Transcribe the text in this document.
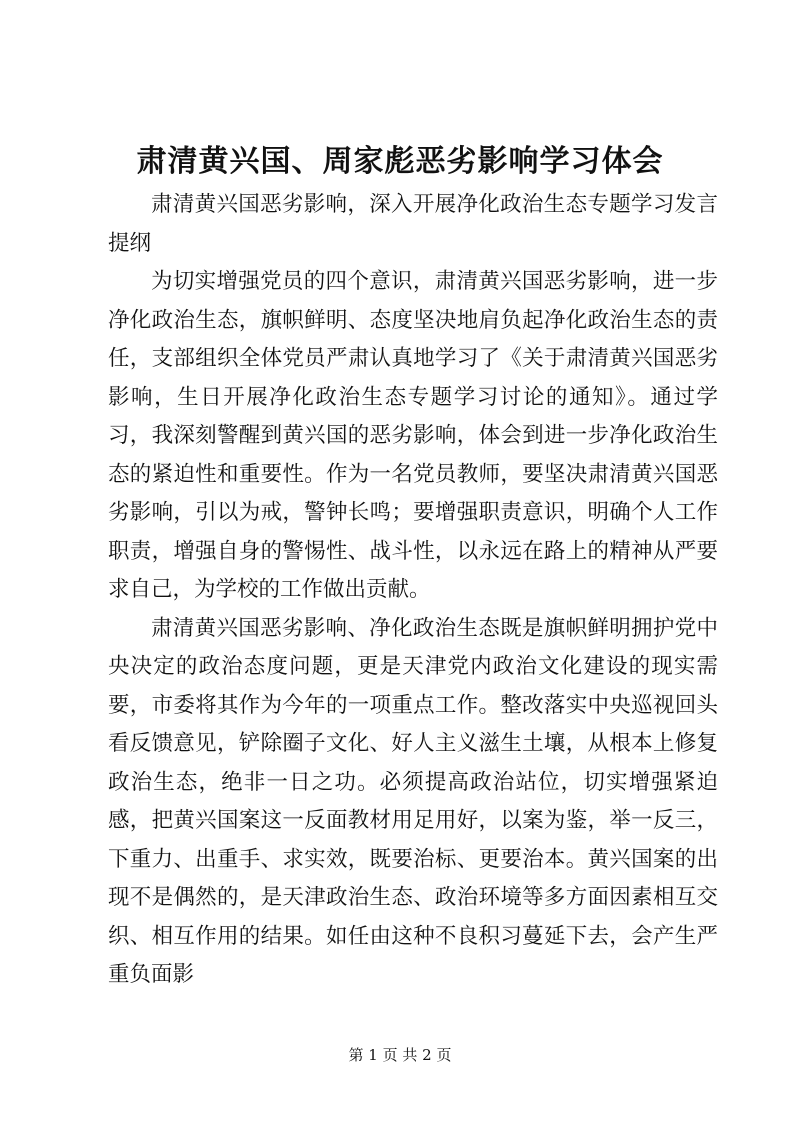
肃清黄兴国、周家彪恶劣影响学习体会

肃清黄兴国恶劣影响，深入开展净化政治生态专题学习发言提纲

为切实增强党员的四个意识，肃清黄兴国恶劣影响，进一步净化政治生态，旗帜鲜明、态度坚决地肩负起净化政治生态的责任，支部组织全体党员严肃认真地学习了《关于肃清黄兴国恶劣影响，生日开展净化政治生态专题学习讨论的通知》。通过学习，我深刻警醒到黄兴国的恶劣影响，体会到进一步净化政治生态的紧迫性和重要性。作为一名党员教师，要坚决肃清黄兴国恶劣影响，引以为戒，警钟长鸣；要增强职责意识，明确个人工作职责，增强自身的警惕性、战斗性，以永远在路上的精神从严要求自己，为学校的工作做出贡献。

肃清黄兴国恶劣影响、净化政治生态既是旗帜鲜明拥护党中央决定的政治态度问题，更是天津党内政治文化建设的现实需要，市委将其作为今年的一项重点工作。整改落实中央巡视回头看反馈意见，铲除圈子文化、好人主义滋生土壤，从根本上修复政治生态，绝非一日之功。必须提高政治站位，切实增强紧迫感，把黄兴国案这一反面教材用足用好，以案为鉴，举一反三，下重力、出重手、求实效，既要治标、更要治本。黄兴国案的出现不是偶然的，是天津政治生态、政治环境等多方面因素相互交织、相互作用的结果。如任由这种不良积习蔓延下去，会产生严重负面影

第 1 页 共 2 页
